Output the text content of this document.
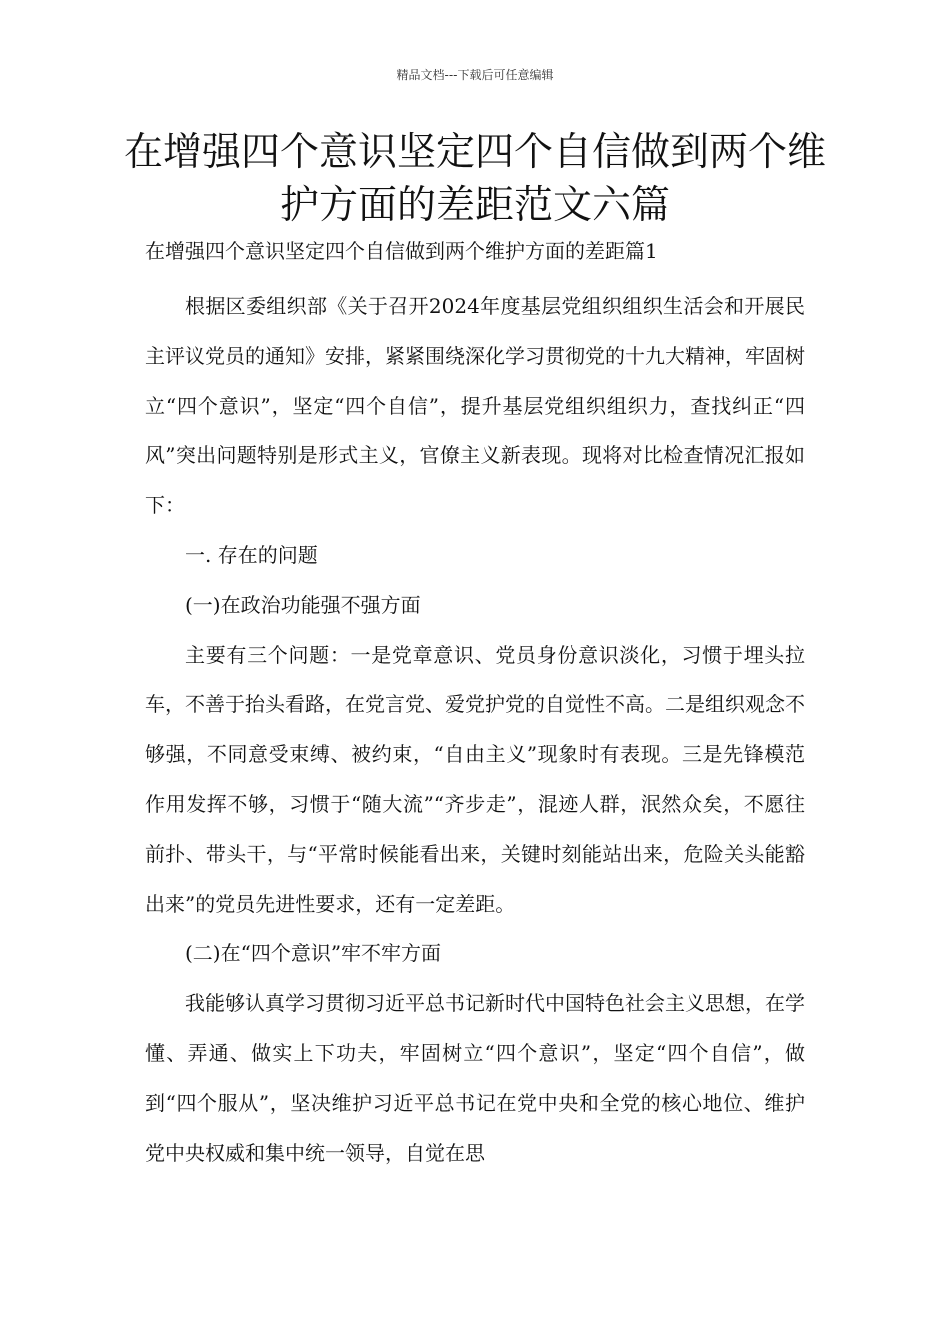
精品文档---下载后可任意编辑
在增强四个意识坚定四个自信做到两个维护方面的差距范文六篇
在增强四个意识坚定四个自信做到两个维护方面的差距篇1

根据区委组织部《关于召开2024年度基层党组织组织生活会和开展民主评议党员的通知》安排，紧紧围绕深化学习贯彻党的十九大精神，牢固树立“四个意识”，坚定“四个自信”，提升基层党组织组织力，查找纠正“四风”突出问题特别是形式主义，官僚主义新表现。现将对比检查情况汇报如下：

一. 存在的问题

(一)在政治功能强不强方面

主要有三个问题：一是党章意识、党员身份意识淡化，习惯于埋头拉车，不善于抬头看路，在党言党、爱党护党的自觉性不高。二是组织观念不够强，不同意受束缚、被约束，“自由主义”现象时有表现。三是先锋模范作用发挥不够，习惯于“随大流”“齐步走”，混迹人群，泯然众矣，不愿往前扑、带头干，与“平常时候能看出来，关键时刻能站出来，危险关头能豁出来”的党员先进性要求，还有一定差距。

(二)在“四个意识”牢不牢方面

我能够认真学习贯彻习近平总书记新时代中国特色社会主义思想，在学懂、弄通、做实上下功夫，牢固树立“四个意识”，坚定“四个自信”，做到“四个服从”，坚决维护习近平总书记在党中央和全党的核心地位、维护党中央权威和集中统一领导，自觉在思
